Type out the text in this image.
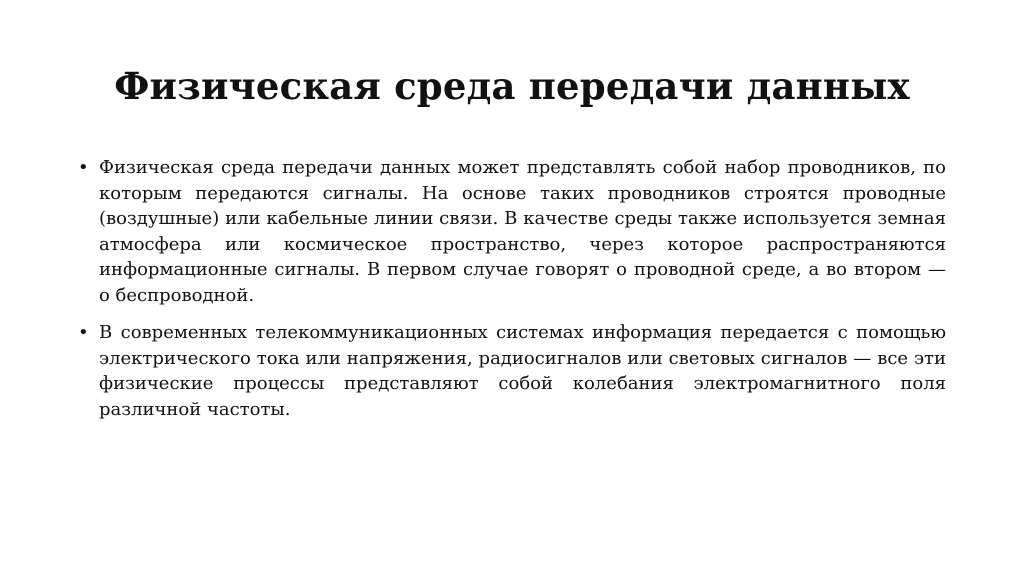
Физическая среда передачи данных
• Физическая среда передачи данных может представлять собой набор проводников, по которым передаются сигналы. На основе таких проводников строятся проводные (воздушные) или кабельные линии связи. В качестве среды также используется земная атмосфера или космическое пространство, через которое распространяются информационные сигналы. В первом случае говорят о проводной среде, а во втором — о беспроводной.
• В современных телекоммуникационных системах информация передается с помощью электрического тока или напряжения, радиосигналов или световых сигналов — все эти физические процессы представляют собой колебания электромагнитного поля различной частоты.
